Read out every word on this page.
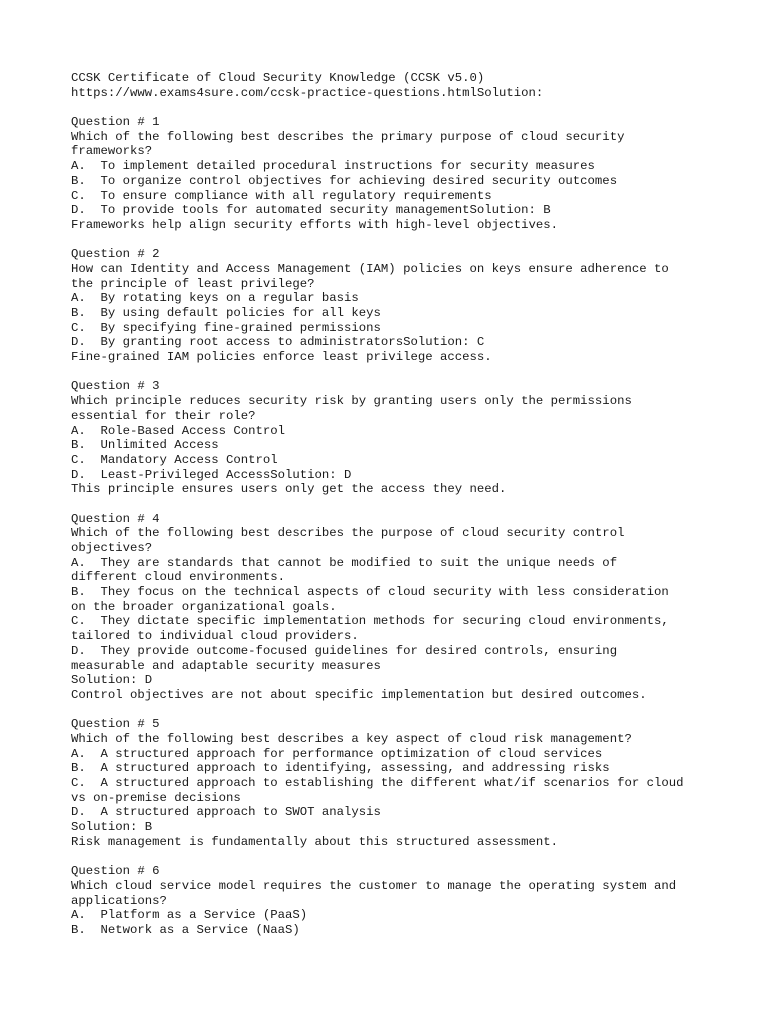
CCSK Certificate of Cloud Security Knowledge (CCSK v5.0)
https://www.exams4sure.com/ccsk-practice-questions.htmlSolution:
Question # 1
Which of the following best describes the primary purpose of cloud security
frameworks?
A.  To implement detailed procedural instructions for security measures
B.  To organize control objectives for achieving desired security outcomes
C.  To ensure compliance with all regulatory requirements
D.  To provide tools for automated security managementSolution: B
Frameworks help align security efforts with high-level objectives.
Question # 2
How can Identity and Access Management (IAM) policies on keys ensure adherence to
the principle of least privilege?
A.  By rotating keys on a regular basis
B.  By using default policies for all keys
C.  By specifying fine-grained permissions
D.  By granting root access to administratorsSolution: C
Fine-grained IAM policies enforce least privilege access.
Question # 3
Which principle reduces security risk by granting users only the permissions
essential for their role?
A.  Role-Based Access Control
B.  Unlimited Access
C.  Mandatory Access Control
D.  Least-Privileged AccessSolution: D
This principle ensures users only get the access they need.
Question # 4
Which of the following best describes the purpose of cloud security control
objectives?
A.  They are standards that cannot be modified to suit the unique needs of
different cloud environments.
B.  They focus on the technical aspects of cloud security with less consideration
on the broader organizational goals.
C.  They dictate specific implementation methods for securing cloud environments,
tailored to individual cloud providers.
D.  They provide outcome-focused guidelines for desired controls, ensuring
measurable and adaptable security measures
Solution: D
Control objectives are not about specific implementation but desired outcomes.
Question # 5
Which of the following best describes a key aspect of cloud risk management?
A.  A structured approach for performance optimization of cloud services
B.  A structured approach to identifying, assessing, and addressing risks
C.  A structured approach to establishing the different what/if scenarios for cloud
vs on-premise decisions
D.  A structured approach to SWOT analysis
Solution: B
Risk management is fundamentally about this structured assessment.
Question # 6
Which cloud service model requires the customer to manage the operating system and
applications?
A.  Platform as a Service (PaaS)
B.  Network as a Service (NaaS)
